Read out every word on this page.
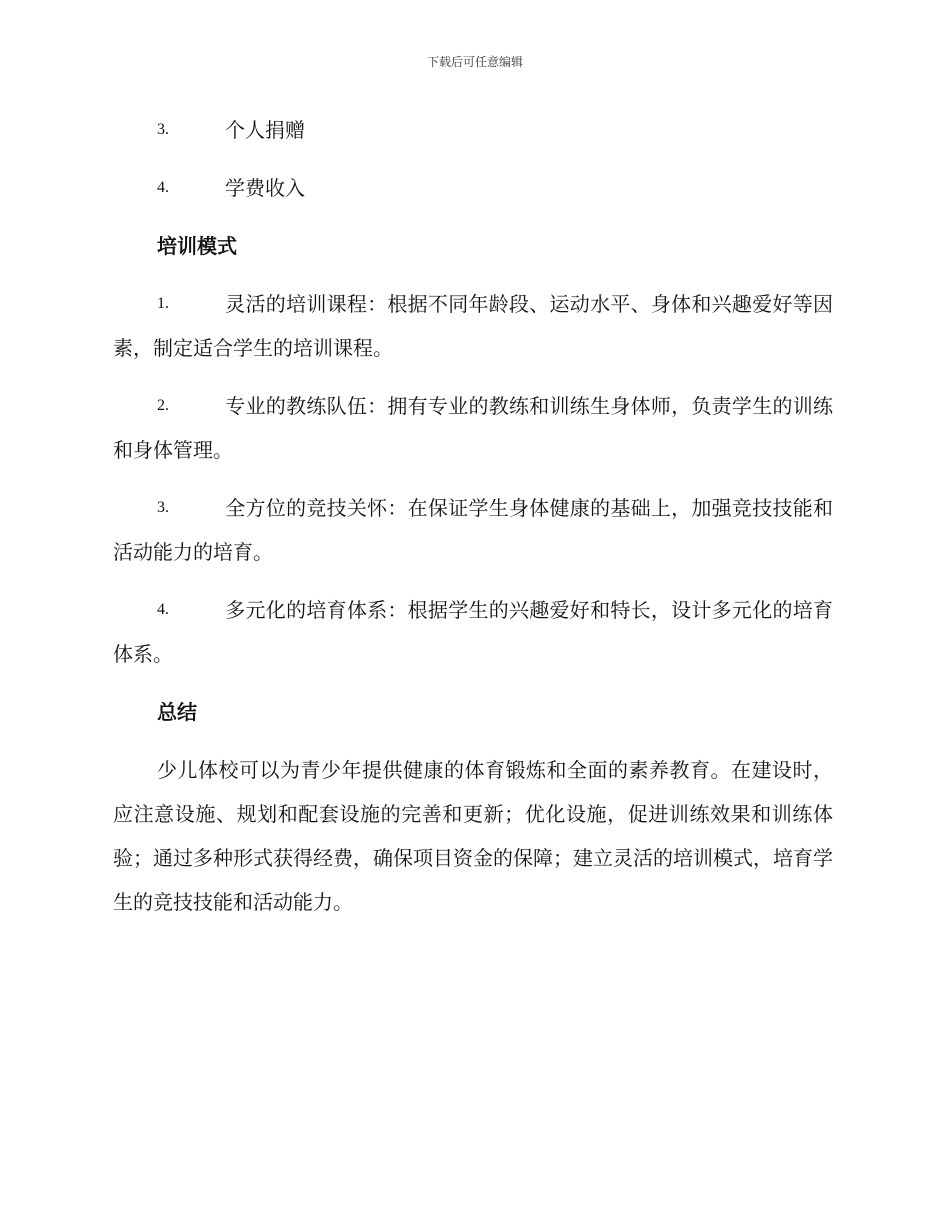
下载后可任意编辑
3.	个人捐赠
4.	学费收入
培训模式
1.	灵活的培训课程：根据不同年龄段、运动水平、身体和兴趣爱好等因素，制定适合学生的培训课程。
2.	专业的教练队伍：拥有专业的教练和训练生身体师，负责学生的训练和身体管理。
3.	全方位的竞技关怀：在保证学生身体健康的基础上，加强竞技技能和活动能力的培育。
4.	多元化的培育体系：根据学生的兴趣爱好和特长，设计多元化的培育体系。
总结

少儿体校可以为青少年提供健康的体育锻炼和全面的素养教育。在建设时，应注意设施、规划和配套设施的完善和更新；优化设施，促进训练效果和训练体验；通过多种形式获得经费，确保项目资金的保障；建立灵活的培训模式，培育学生的竞技技能和活动能力。
